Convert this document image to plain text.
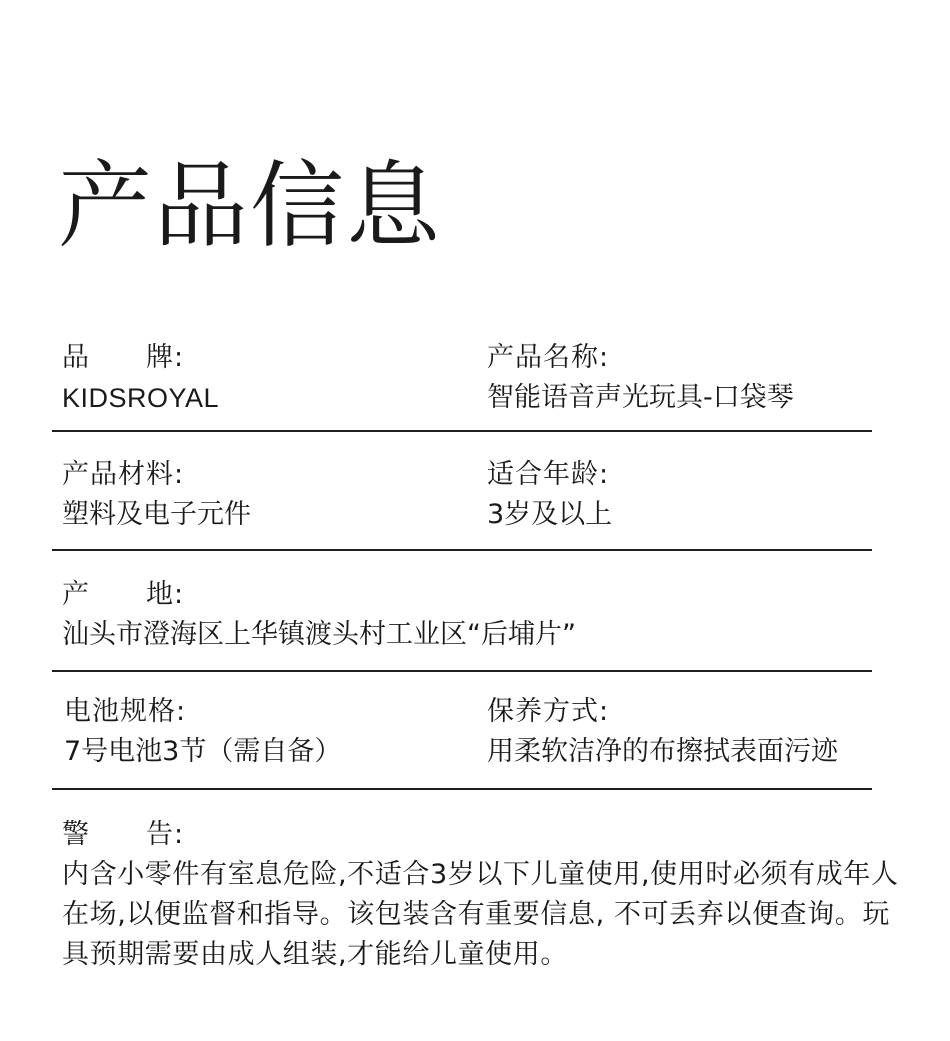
产品信息
品　　牌:
KIDSROYAL
产品名称:
智能语音声光玩具-口袋琴
产品材料:
塑料及电子元件
适合年龄:
3岁及以上
产　　地:
汕头市澄海区上华镇渡头村工业区“后埔片”
电池规格:
7号电池3节（需自备）
保养方式:
用柔软洁净的布擦拭表面污迹
警　　告:
内含小零件有室息危险,不适合3岁以下儿童使用,使用时必须有成年人在场,以便监督和指导。该包装含有重要信息, 不可丢弃以便查询。玩具预期需要由成人组装,才能给儿童使用。
